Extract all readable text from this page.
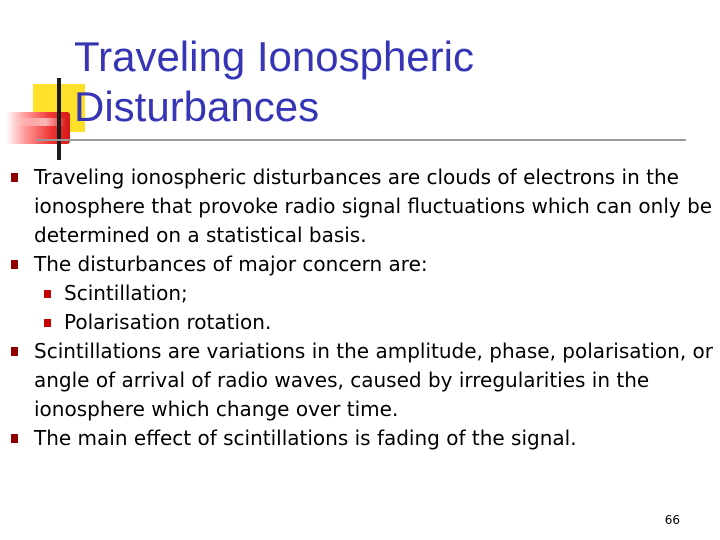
Traveling Ionospheric
Disturbances
Traveling ionospheric disturbances are clouds of electrons in the ionosphere that provoke radio signal fluctuations which can only be determined on a statistical basis.
The disturbances of major concern are:
Scintillation;
Polarisation rotation.
Scintillations are variations in the amplitude, phase, polarisation, or angle of arrival of radio waves, caused by irregularities in the ionosphere which change over time.
The main effect of scintillations is fading of the signal.
66
